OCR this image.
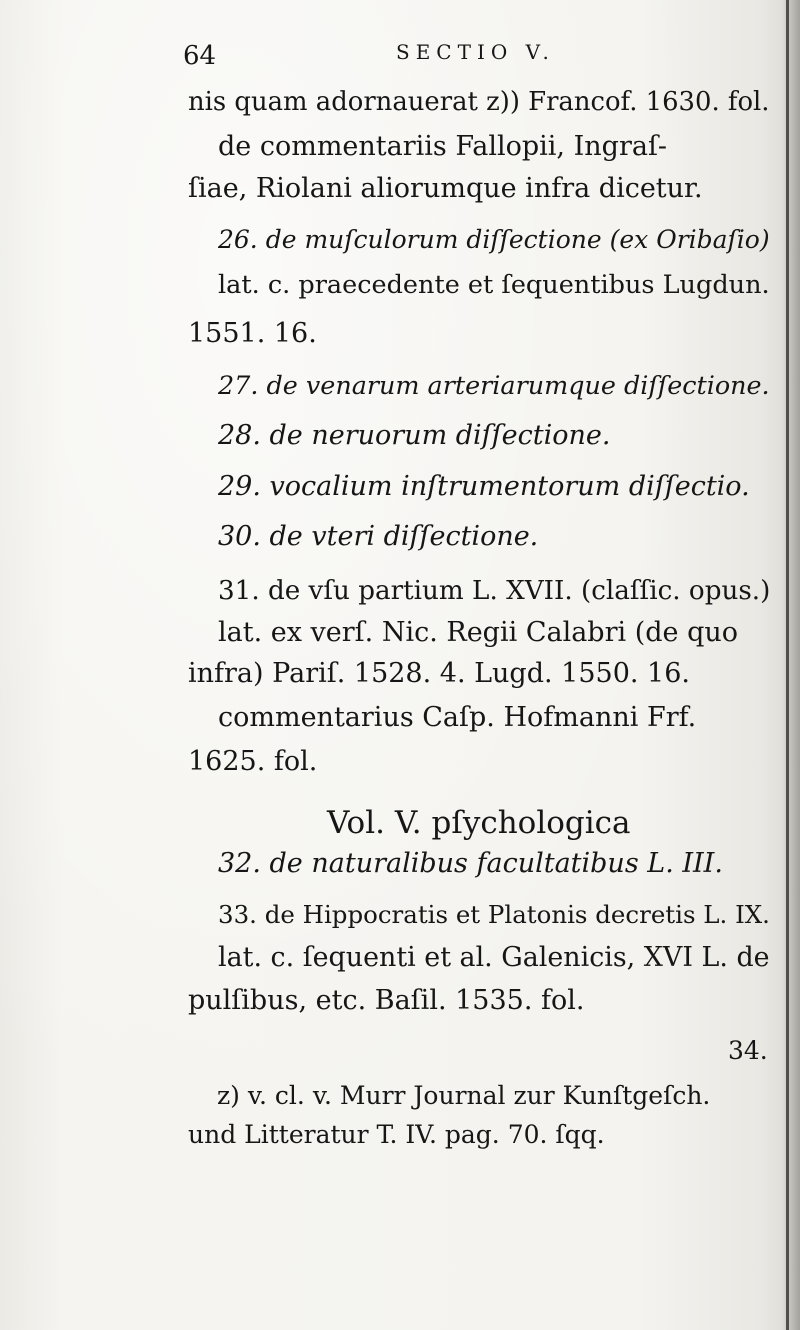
64	SECTIO V.
nis quam adornauerat z)) Francof. 1630. fol.
de commentariis Fallopii, Ingraſ-
ſiae, Riolani aliorumque infra dicetur.
26. de muſculorum diſſectione (ex Oribaſio)
lat. c. praecedente et ſequentibus Lugdun.
1551. 16.
27. de venarum arteriarumque diſſectione.
28. de neruorum diſſectione.
29. vocalium inſtrumentorum diſſectio.
30. de vteri diſſectione.
31. de vſu partium L. XVII. (claſſic. opus.)
lat. ex verſ. Nic. Regii Calabri (de quo
infra) Pariſ. 1528. 4. Lugd. 1550. 16.
commentarius Caſp. Hofmanni Frf.
1625. fol.
Vol. V. pſychologica
32. de naturalibus facultatibus L. III.
33. de Hippocratis et Platonis decretis L. IX.
lat. c. ſequenti et al. Galenicis, XVI L. de
pulſibus, etc. Baſil. 1535. fol.
34.
z) v. cl. v. Murr Journal zur Kunſtgeſch.
und Litteratur T. IV. pag. 70. ſqq.
